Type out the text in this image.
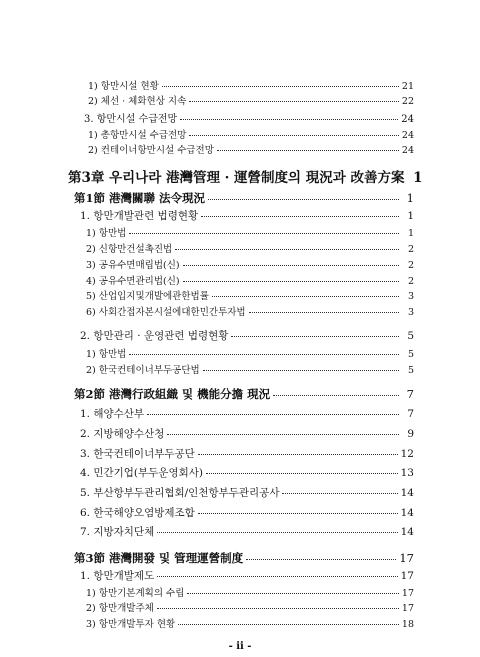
1) 항만시설 현황	21
2) 체선 · 체화현상 지속	22
3. 항만시설 수급전망	24
1) 총항만시설 수급전망	24
2) 컨테이너항만시설 수급전망	24
第3章 우리나라 港灣管理 · 運營制度의 現況과 改善方案 1
第1節 港灣關聯 法令現況	1
1. 항만개발관련 법령현황	1
1) 항만법	1
2) 신항만건설촉진법	2
3) 공유수면매립법(신)	2
4) 공유수면관리법(신)	2
5) 산업입지및개발에관한법률	3
6) 사회간접자본시설에대한민간투자법	3
2. 항만관리 · 운영관련 법령현황	5
1) 항만법	5
2) 한국컨테이너부두공단법	5
第2節 港灣行政組織 및 機能分擔 現況	7
1. 해양수산부	7
2. 지방해양수산청	9
3. 한국컨테이너부두공단	12
4. 민간기업(부두운영회사)	13
5. 부산항부두관리협회/인천항부두관리공사	14
6. 한국해양오염방제조합	14
7. 지방자치단체	14
第3節 港灣開發 및 管理運營制度	17
1. 항만개발제도	17
1) 항만기본계획의 수립	17
2) 항만개발주체	17
3) 항만개발투자 현황	18
- ii -
